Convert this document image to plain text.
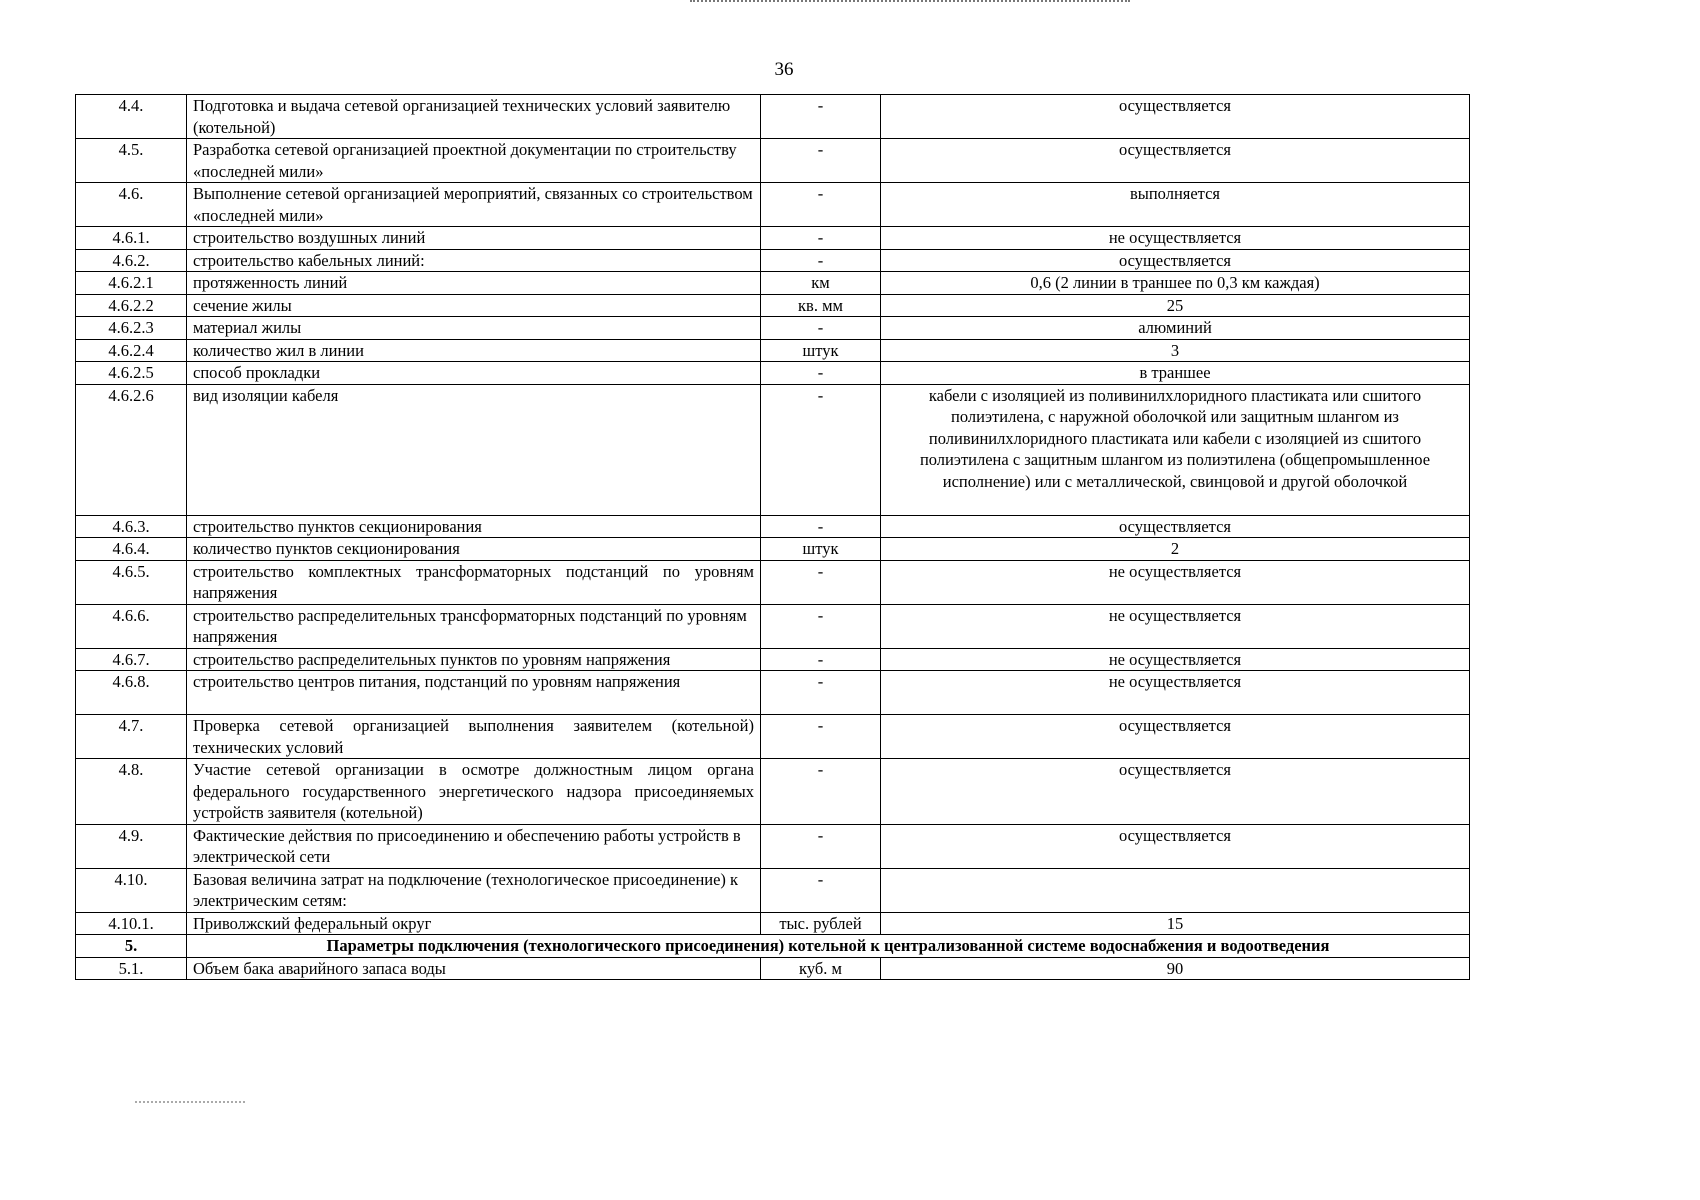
36
4.4.	Подготовка и выдача сетевой организацией технических условий заявителю (котельной)	-	осуществляется
4.5.	Разработка сетевой организацией проектной документации по строительству «последней мили»	-	осуществляется
4.6.	Выполнение сетевой организацией мероприятий, связанных со строительством «последней мили»	-	выполняется
4.6.1.	строительство воздушных линий	-	не осуществляется
4.6.2.	строительство кабельных линий:	-	осуществляется
4.6.2.1	протяженность линий	км	0,6 (2 линии в траншее по 0,3 км каждая)
4.6.2.2	сечение жилы	кв. мм	25
4.6.2.3	материал жилы	-	алюминий
4.6.2.4	количество жил в линии	штук	3
4.6.2.5	способ прокладки	-	в траншее
4.6.2.6	вид изоляции кабеля	-	кабели с изоляцией из поливинилхлоридного пластиката или сшитого полиэтилена, с наружной оболочкой или защитным шлангом из поливинилхлоридного пластиката или кабели с изоляцией из сшитого полиэтилена с защитным шлангом из полиэтилена (общепромышленное исполнение) или с металлической, свинцовой и другой оболочкой
4.6.3.	строительство пунктов секционирования	-	осуществляется
4.6.4.	количество пунктов секционирования	штук	2
4.6.5.	строительство комплектных трансформаторных подстанций по уровням напряжения	-	не осуществляется
4.6.6.	строительство распределительных трансформаторных подстанций по уровням напряжения	-	не осуществляется
4.6.7.	строительство распределительных пунктов по уровням напряжения	-	не осуществляется
4.6.8.	строительство центров питания, подстанций по уровням напряжения	-	не осуществляется
4.7.	Проверка сетевой организацией выполнения заявителем (котельной) технических условий	-	осуществляется
4.8.	Участие сетевой организации в осмотре должностным лицом органа федерального государственного энергетического надзора присоединяемых устройств заявителя (котельной)	-	осуществляется
4.9.	Фактические действия по присоединению и обеспечению работы устройств в электрической сети	-	осуществляется
4.10.	Базовая величина затрат на подключение (технологическое присоединение) к электрическим сетям:	-	
4.10.1.	Приволжский федеральный округ	тыс. рублей	15
5.	Параметры подключения (технологического присоединения) котельной к централизованной системе водоснабжения и водоотведения		
5.1.	Объем бака аварийного запаса воды	куб. м	90
